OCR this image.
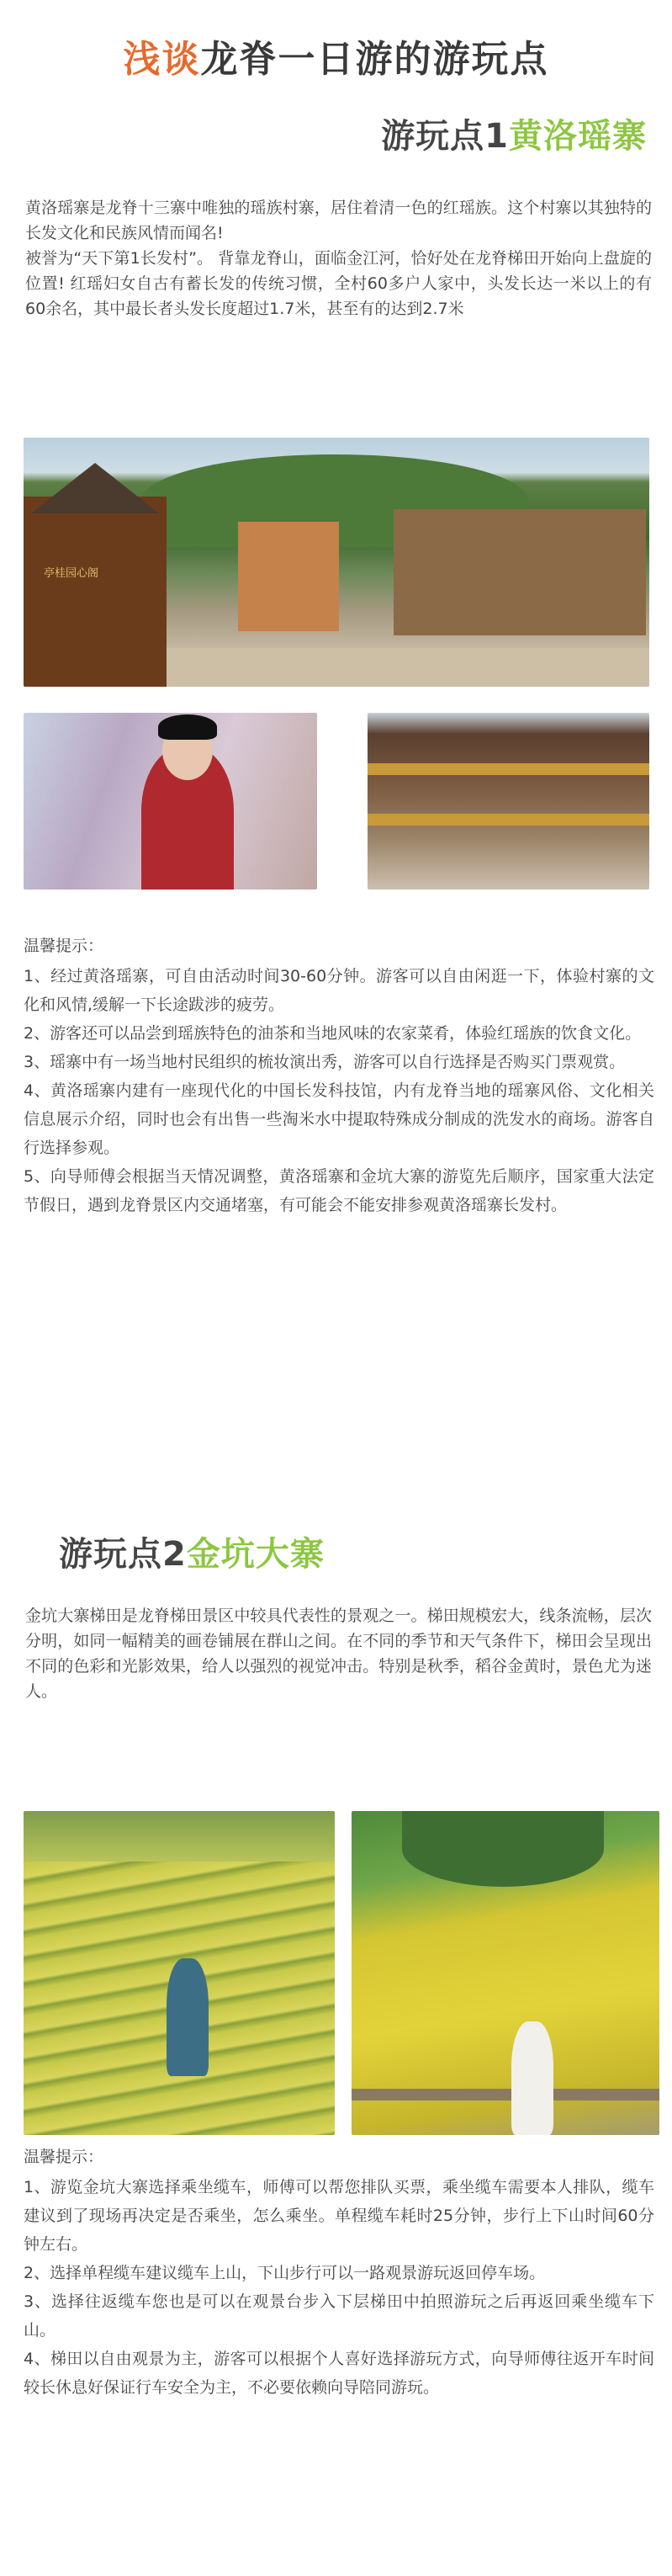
浅谈龙脊一日游的游玩点
游玩点1黄洛瑶寨

黄洛瑶寨是龙脊十三寨中唯独的瑶族村寨，居住着清一色的红瑶族。这个村寨以其独特的长发文化和民族风情而闻名!

被誉为“天下第1长发村”。 背靠龙脊山，面临金江河，恰好处在龙脊梯田开始向上盘旋的位置! 红瑶妇女自古有蓄长发的传统习惯，全村60多户人家中，头发长达一米以上的有60余名，其中最长者头发长度超过1.7米，甚至有的达到2.7米

亭桂园心阁

温馨提示：

1、经过黄洛瑶寨，可自由活动时间30-60分钟。游客可以自由闲逛一下，体验村寨的文化和风情,缓解一下长途跋涉的疲劳。

2、游客还可以品尝到瑶族特色的油茶和当地风味的农家菜肴，体验红瑶族的饮食文化。

3、瑶寨中有一场当地村民组织的梳妆演出秀，游客可以自行选择是否购买门票观赏。

4、黄洛瑶寨内建有一座现代化的中国长发科技馆，内有龙脊当地的瑶寨风俗、文化相关信息展示介绍，同时也会有出售一些淘米水中提取特殊成分制成的洗发水的商场。游客自行选择参观。

5、向导师傅会根据当天情况调整，黄洛瑶寨和金坑大寨的游览先后顺序，国家重大法定节假日，遇到龙脊景区内交通堵塞，有可能会不能安排参观黄洛瑶寨长发村。

游玩点2金坑大寨

金坑大寨梯田是龙脊梯田景区中较具代表性的景观之一。梯田规模宏大，线条流畅，层次分明，如同一幅精美的画卷铺展在群山之间。在不同的季节和天气条件下，梯田会呈现出不同的色彩和光影效果，给人以强烈的视觉冲击。特别是秋季，稻谷金黄时，景色尤为迷人。

温馨提示：

1、游览金坑大寨选择乘坐缆车，师傅可以帮您排队买票，乘坐缆车需要本人排队，缆车建议到了现场再决定是否乘坐，怎么乘坐。单程缆车耗时25分钟，步行上下山时间60分钟左右。

2、选择单程缆车建议缆车上山，下山步行可以一路观景游玩返回停车场。

3、选择往返缆车您也是可以在观景台步入下层梯田中拍照游玩之后再返回乘坐缆车下山。

4、梯田以自由观景为主，游客可以根据个人喜好选择游玩方式，向导师傅往返开车时间较长休息好保证行车安全为主，不必要依赖向导陪同游玩。
